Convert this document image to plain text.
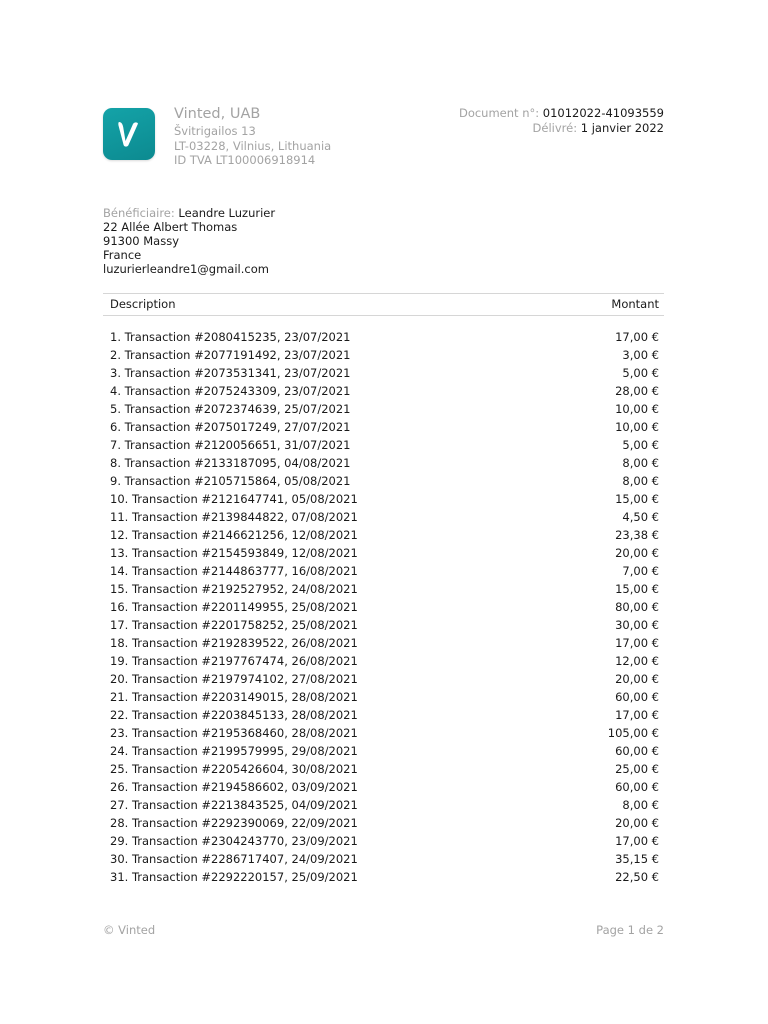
Vinted, UAB
Švitrigailos 13
LT-03228, Vilnius, Lithuania
ID TVA LT100006918914
Document n°: 01012022-41093559
Délivré: 1 janvier 2022
Bénéficiaire: Leandre Luzurier
22 Allée Albert Thomas
91300 Massy
France
luzurierleandre1@gmail.com
Description	Montant
1. Transaction #2080415235, 23/07/2021	17,00 €
2. Transaction #2077191492, 23/07/2021	3,00 €
3. Transaction #2073531341, 23/07/2021	5,00 €
4. Transaction #2075243309, 23/07/2021	28,00 €
5. Transaction #2072374639, 25/07/2021	10,00 €
6. Transaction #2075017249, 27/07/2021	10,00 €
7. Transaction #2120056651, 31/07/2021	5,00 €
8. Transaction #2133187095, 04/08/2021	8,00 €
9. Transaction #2105715864, 05/08/2021	8,00 €
10. Transaction #2121647741, 05/08/2021	15,00 €
11. Transaction #2139844822, 07/08/2021	4,50 €
12. Transaction #2146621256, 12/08/2021	23,38 €
13. Transaction #2154593849, 12/08/2021	20,00 €
14. Transaction #2144863777, 16/08/2021	7,00 €
15. Transaction #2192527952, 24/08/2021	15,00 €
16. Transaction #2201149955, 25/08/2021	80,00 €
17. Transaction #2201758252, 25/08/2021	30,00 €
18. Transaction #2192839522, 26/08/2021	17,00 €
19. Transaction #2197767474, 26/08/2021	12,00 €
20. Transaction #2197974102, 27/08/2021	20,00 €
21. Transaction #2203149015, 28/08/2021	60,00 €
22. Transaction #2203845133, 28/08/2021	17,00 €
23. Transaction #2195368460, 28/08/2021	105,00 €
24. Transaction #2199579995, 29/08/2021	60,00 €
25. Transaction #2205426604, 30/08/2021	25,00 €
26. Transaction #2194586602, 03/09/2021	60,00 €
27. Transaction #2213843525, 04/09/2021	8,00 €
28. Transaction #2292390069, 22/09/2021	20,00 €
29. Transaction #2304243770, 23/09/2021	17,00 €
30. Transaction #2286717407, 24/09/2021	35,15 €
31. Transaction #2292220157, 25/09/2021	22,50 €
© Vinted	Page 1 de 2
